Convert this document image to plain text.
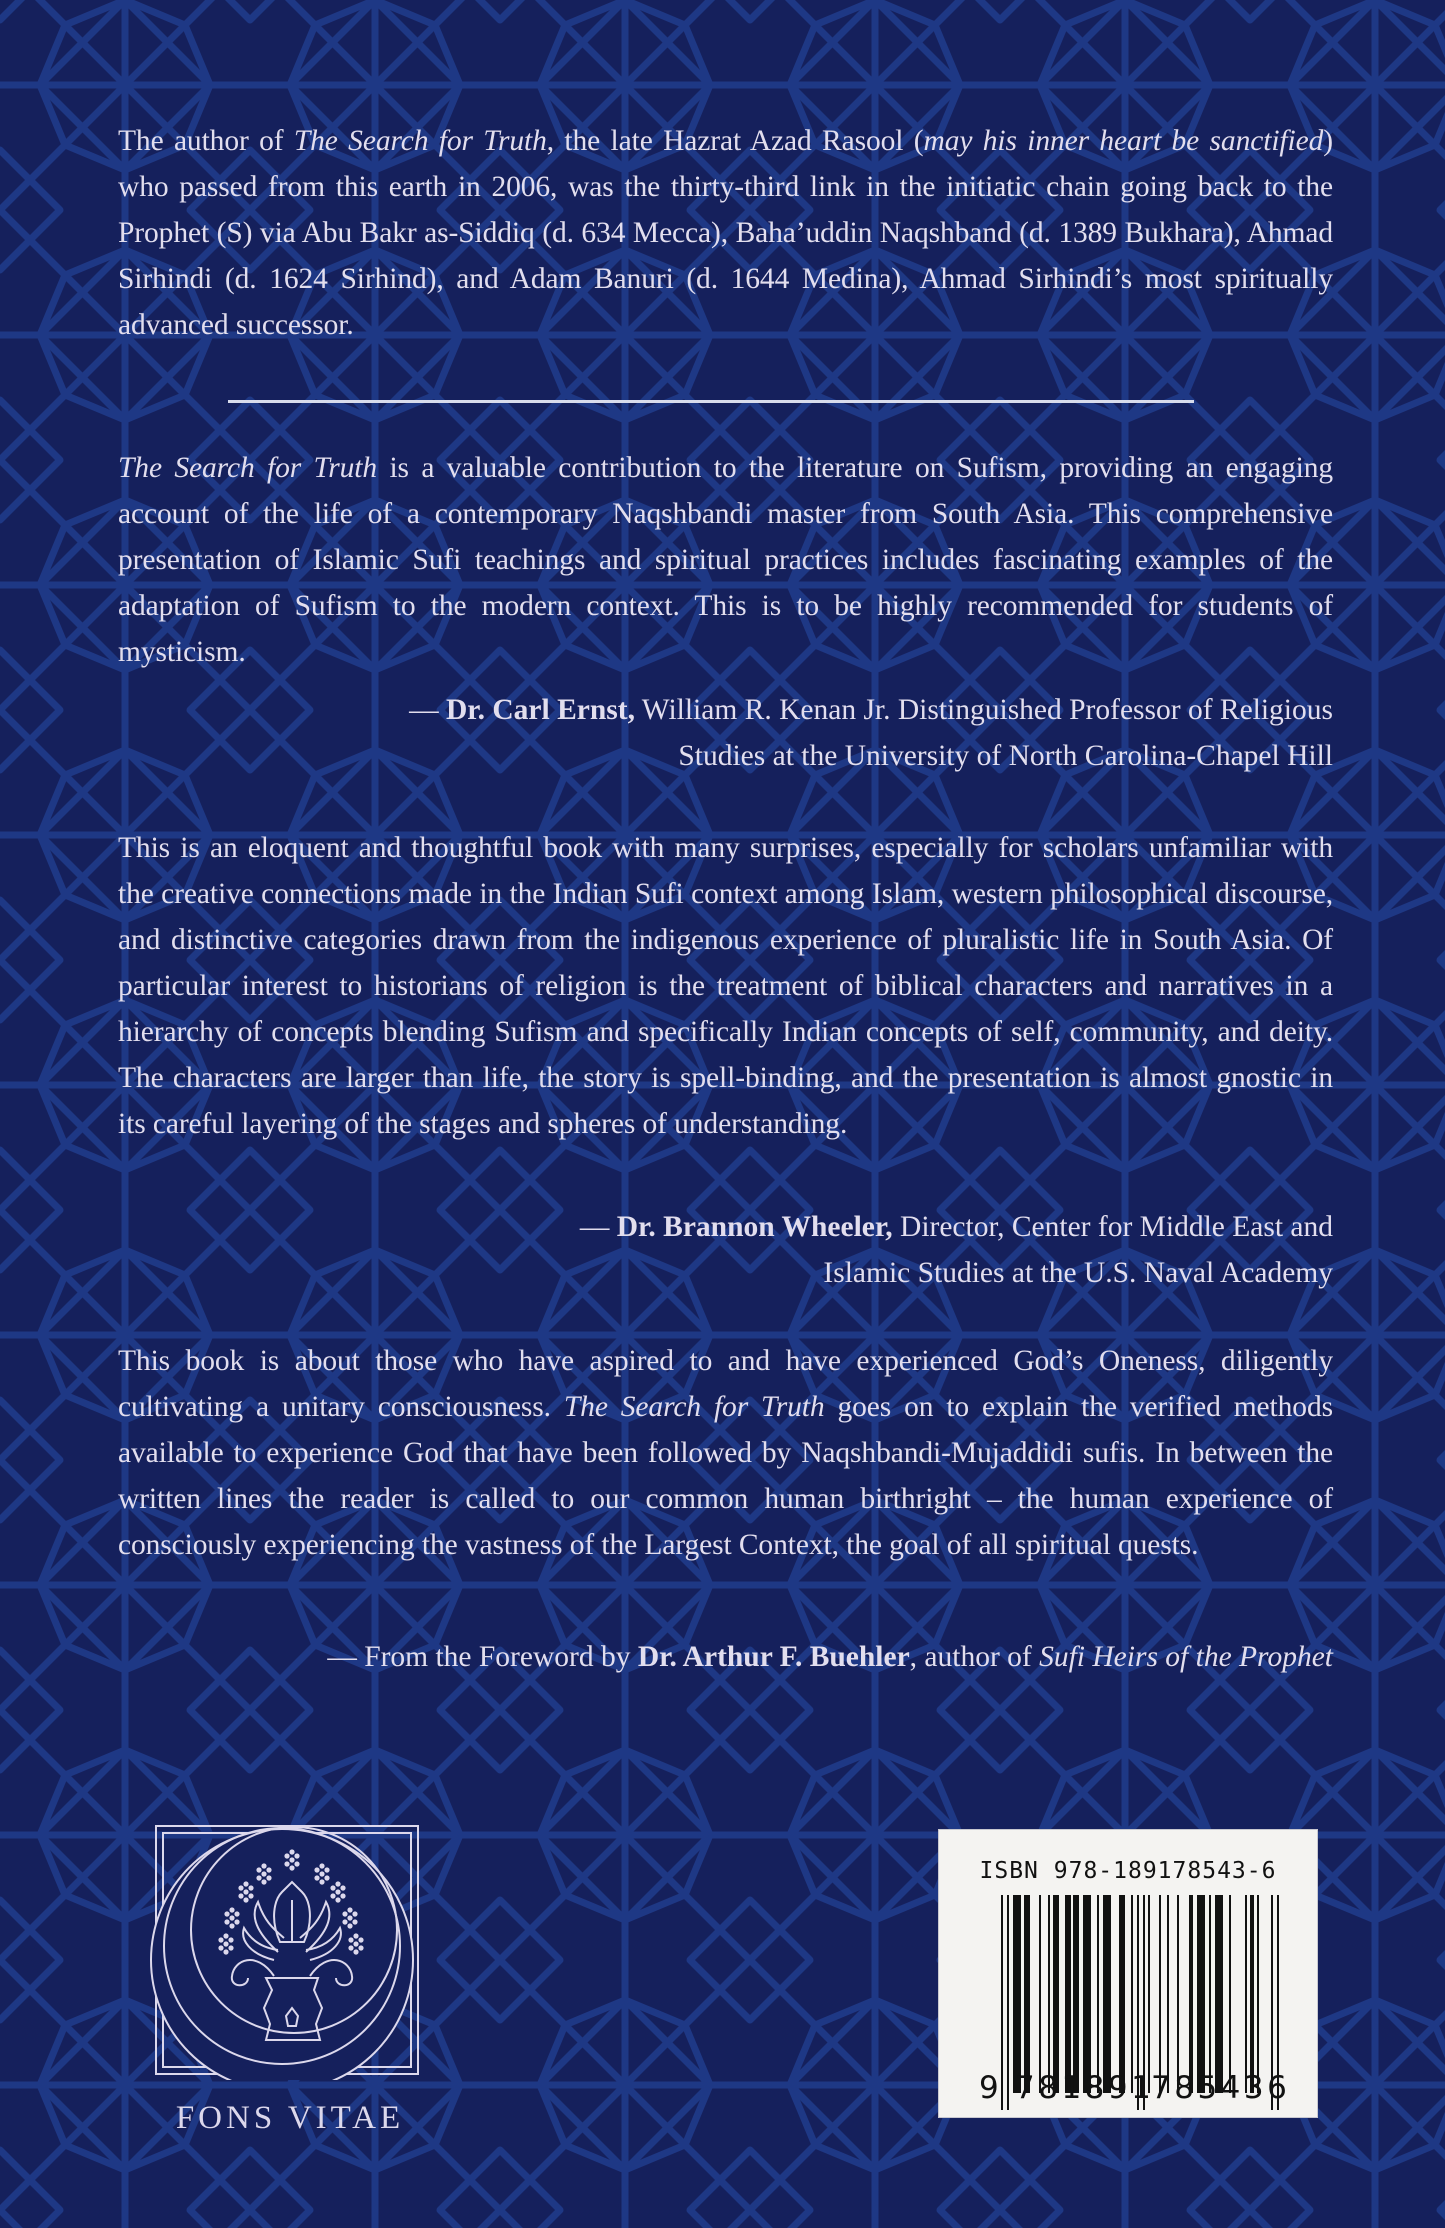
The author of The Search for Truth, the late Hazrat Azad Rasool (may his inner heart be sanctified) who passed from this earth in 2006, was the thirty-third link in the initiatic chain going back to the Prophet (S) via Abu Bakr as-Siddiq (d. 634 Mecca), Baha’uddin Naqshband (d. 1389 Bukhara), Ahmad Sirhindi (d. 1624 Sirhind), and Adam Banuri (d. 1644 Medina), Ahmad Sirhindi’s most spiritually advanced successor.

The Search for Truth is a valuable contribution to the literature on Sufism, providing an engaging account of the life of a contemporary Naqshbandi master from South Asia. This comprehensive presentation of Islamic Sufi teachings and spiritual practices includes fascinating examples of the adaptation of Sufism to the modern context. This is to be highly recommended for students of mysticism.

— Dr. Carl Ernst, William R. Kenan Jr. Distinguished Professor of Religious
Studies at the University of North Carolina-Chapel Hill

This is an eloquent and thoughtful book with many surprises, especially for scholars unfamiliar with the creative connections made in the Indian Sufi context among Islam, western philosophical discourse, and distinctive categories drawn from the indigenous experience of pluralistic life in South Asia. Of particular interest to historians of religion is the treatment of biblical characters and narratives in a hierarchy of concepts blending Sufism and specifically Indian concepts of self, community, and deity. The characters are larger than life, the story is spell-binding, and the presentation is almost gnostic in its careful layering of the stages and spheres of understanding.

— Dr. Brannon Wheeler, Director, Center for Middle East and
Islamic Studies at the U.S. Naval Academy

This book is about those who have aspired to and have experienced God’s Oneness, diligently cultivating a unitary consciousness. The Search for Truth goes on to explain the verified methods available to experience God that have been followed by Naqshbandi-Mujaddidi sufis. In between the written lines the reader is called to our common human birthright – the human experience of consciously experiencing the vastness of the Largest Context, the goal of all spiritual quests.

— From the Foreword by Dr. Arthur F. Buehler, author of Sufi Heirs of the Prophet
FONS VITAE
ISBN 978-189178543-6
9 781891
785436
